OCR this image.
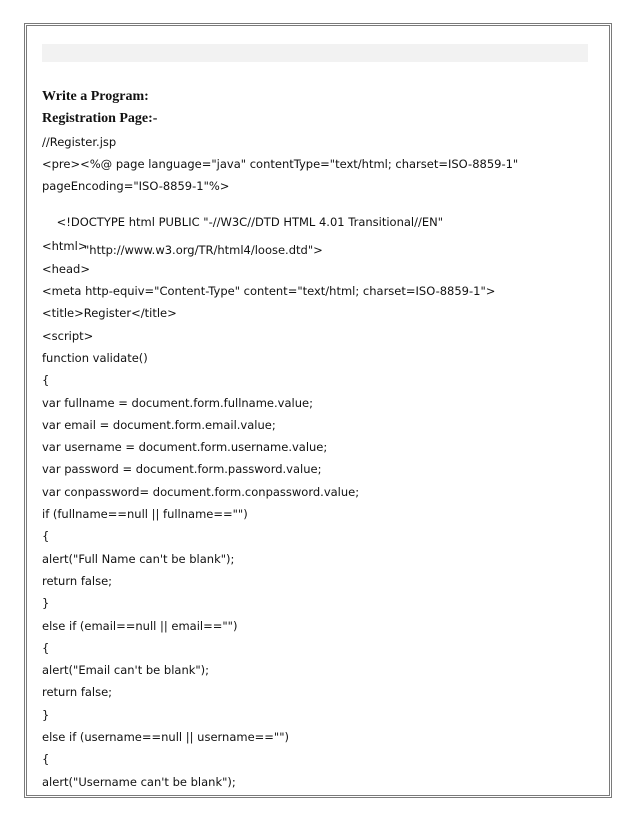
Write a Program:
Registration Page:-
//Register.jsp
<pre><%@ page language="java" contentType="text/html; charset=ISO-8859-1"
pageEncoding="ISO-8859-1"%>

<!DOCTYPE html PUBLIC "-//W3C//DTD HTML 4.01 Transitional//EN"

"http://www.w3.org/TR/html4/loose.dtd">

<html>
<head>
<meta http-equiv="Content-Type" content="text/html; charset=ISO-8859-1">
<title>Register</title>
<script>
function validate()
{
var fullname = document.form.fullname.value;
var email = document.form.email.value;
var username = document.form.username.value;
var password = document.form.password.value;
var conpassword= document.form.conpassword.value;
if (fullname==null || fullname=="")
{
alert("Full Name can't be blank");
return false;
}
else if (email==null || email=="")
{
alert("Email can't be blank");
return false;
}
else if (username==null || username=="")
{
alert("Username can't be blank");
